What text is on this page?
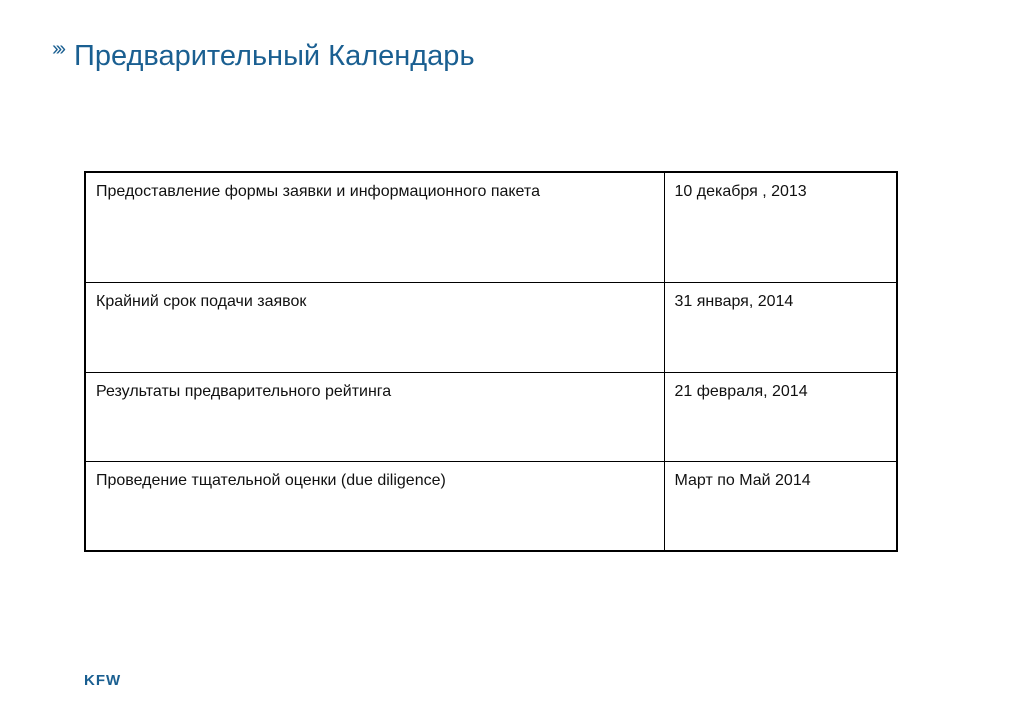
››› Предварительный Календарь
Предоставление формы заявки и информационного пакета	10 декабря , 2013
Крайний срок подачи заявок	31 января, 2014
Результаты предварительного рейтинга	21 февраля, 2014
Проведение тщательной оценки (due diligence)	Март по Май 2014
KFW
